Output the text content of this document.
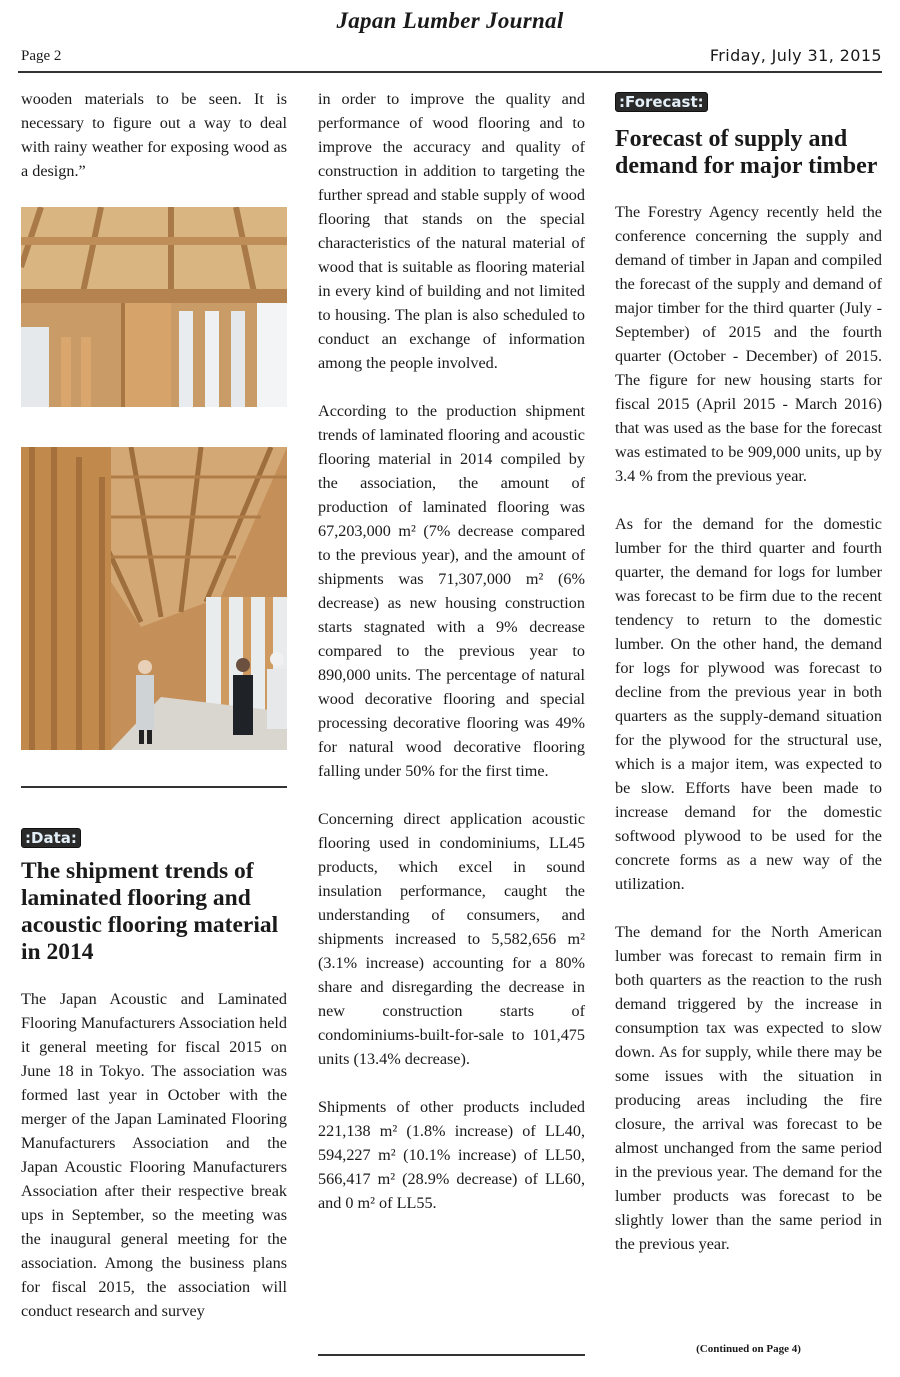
Japan Lumber Journal
Page 2	Friday, July 31, 2015

wooden materials to be seen. It is necessary to figure out a way to deal with rainy weather for exposing wood as a design.”

:Data:
The shipment trends of laminated flooring and acoustic flooring material in 2014

The Japan Acoustic and Laminated Flooring Manufacturers Association held it general meeting for fiscal 2015 on June 18 in Tokyo. The association was formed last year in October with the merger of the Japan Laminated Flooring Manufacturers Association and the Japan Acoustic Flooring Manufacturers Association after their respective break ups in September, so the meeting was the inaugural general meeting for the association. Among the business plans for fiscal 2015, the association will conduct research and survey

in order to improve the quality and performance of wood flooring and to improve the accuracy and quality of construction in addition to targeting the further spread and stable supply of wood flooring that stands on the special characteristics of the natural material of wood that is suitable as flooring material in every kind of building and not limited to housing. The plan is also scheduled to conduct an exchange of information among the people involved.

According to the production shipment trends of laminated flooring and acoustic flooring material in 2014 compiled by the association, the amount of production of laminated flooring was 67,203,000 m² (7% decrease compared to the previous year), and the amount of shipments was 71,307,000 m² (6% decrease) as new housing construction starts stagnated with a 9% decrease compared to the previous year to 890,000 units. The percentage of natural wood decorative flooring and special processing decorative flooring was 49% for natural wood decorative flooring falling under 50% for the first time.

Concerning direct application acoustic flooring used in condominiums, LL45 products, which excel in sound insulation performance, caught the understanding of consumers, and shipments increased to 5,582,656 m² (3.1% increase) accounting for a 80% share and disregarding the decrease in new construction starts of condominiums-built-for-sale to 101,475 units (13.4% decrease).

Shipments of other products included 221,138 m² (1.8% increase) of LL40, 594,227 m² (10.1% increase) of LL50, 566,417 m² (28.9% decrease) of LL60, and 0 m² of LL55.

:Forecast:
Forecast of supply and demand for major timber

The Forestry Agency recently held the conference concerning the supply and demand of timber in Japan and compiled the forecast of the supply and demand of major timber for the third quarter (July - September) of 2015 and the fourth quarter (October - December) of 2015. The figure for new housing starts for fiscal 2015 (April 2015 - March 2016) that was used as the base for the forecast was estimated to be 909,000 units, up by 3.4 % from the previous year.

As for the demand for the domestic lumber for the third quarter and fourth quarter, the demand for logs for lumber was forecast to be firm due to the recent tendency to return to the domestic lumber. On the other hand, the demand for logs for plywood was forecast to decline from the previous year in both quarters as the supply-demand situation for the plywood for the structural use, which is a major item, was expected to be slow. Efforts have been made to increase demand for the domestic softwood plywood to be used for the concrete forms as a new way of the utilization.

The demand for the North American lumber was forecast to remain firm in both quarters as the reaction to the rush demand triggered by the increase in consumption tax was expected to slow down. As for supply, while there may be some issues with the situation in producing areas including the fire closure, the arrival was forecast to be almost unchanged from the same period in the previous year. The demand for the lumber products was forecast to be slightly lower than the same period in the previous year.

(Continued on Page 4)
